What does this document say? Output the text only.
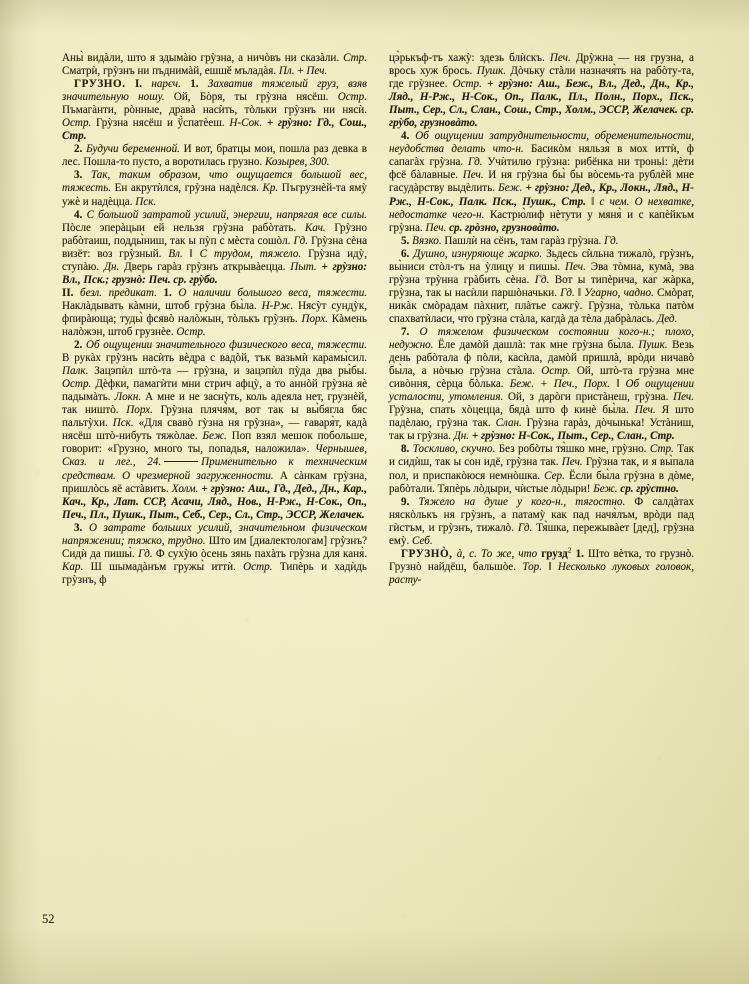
Аны̀ видàли, што я здымàю грỳзна, а ничòвъ ни сказàли. Стр. Сматрѝ, грỳзнъ ни пъднимàй, ешшӗ мъладàя. Пл. + Печ.

ГРУЗНО. I. нарєч. 1. Захватив тяжелый груз, взяв значительную ношу. Ой, Бòря, ты грỳзна нясёш. Остр. Пъмагàнти, рòнные, дравà насѝть, тòльки грỳзнъ ни нясѝ. Остр. Грỳзна нясёш и ў̀спатèеш. Н-Сок. + грỳзно: Гд., Сош., Стр.

2. Будучи беременной. И вот, братцы мои, пошла раз девка в лес. Пошла-то пусто, а воротилась грузно. Козырев, 300.

3. Так, таким образом, что ощущается большой вес, тяжесть. Ен акрутѝлся, грỳзна надèлся. Кр. Пъгрузнèй-та ямỳ ужѐ и надèцца. Пск.

4. С большой затратой усилий, энергии, напрягая все силы. Пòсле эперàцыи ей нельзя грỳзна рабòтать. Кач. Грỳзно рабòтаиш, подды̀ниш, так ы пỳп с мèста сошòл. Гд. Грỳзна сèна визёт: воз грỳзный. Вл. ‖ С трудом, тяжело. Грỳзна идỳ, ступàю. Дн. Дверь гарàз грỳзнъ аткрывàецца. Пыт. + грỳзно: Вл., Пск.; грузнò: Печ. ср. грỳбо.

II. безл. предикат. 1. О наличии большого веса, тяжести. Наклàдывать кàмни, штоб грỳзна бы̀ла. Н-Рж. Нясỳт сундỳк, фпирàюща; туды̀ фсявò налòжын, тòлькъ грỳзнъ. Порх. Кàмень налòжэн, штоб грузнèе. Остр.

2. Об ощущении значительного физического веса, тяжести. В рукàх грỳзнъ насѝть вѐдра с вадòй, тък вазьмѝ карамы̀сил. Палк. Зацэпѝл штò-та — грỳзна, и зацэпѝл пỳда два ры̀бы. Остр. Дèфки, памагѝти мни стрич афцỳ, а то аннòй грỳзна яѐ падымàть. Локн. А мне и не заснỳть, коль адеяла нет, грузнèй, так ништò. Порх. Грỳзна плячя̀м, вот так ы вы̀бягла бяс пальтỳхи. Пск. «Для свавò гỳзна ня грỳзна», — гаваря̀т, кадà нясёш штò-нибуть тяжòлае. Беж. Поп взял мешок побольше, говорит: «Грузно, много ты, попадья, наложила». Чернышев, Сказ. и лег., 24.	Применительно к техническим средствам. О чрезмерной загруженности. А сàнкам грỳзна, пришлòсь яё астàвить. Холм. + грỳзно: Аш., Гд., Дед., Дн., Кар., Кач., Кр., Лат. ССР, Асачи, Ляд., Нов., Н-Рж., Н-Сок., Оп., Печ., Пл., Пушк., Пыт., Себ., Сер., Сл., Стр., ЭССР, Желачек.

3. О затрате больших усилий, значительном физическом напряжении; тяжко, трудно. Што им [диалектологам] грỳзнъ? Сидѝ да пишы̀. Гд. Ф сухỳю òсень зянь пахàть грỳзна для каня̀. Кар. Ш шымадàнъм гружы̀ иттѝ. Остр. Типèрь и хадѝдь грỳзнъ, ф

цэ̀рькъф-тъ хажỳ: здезь блѝскъ. Печ. Дрỳжна — ня грузна, а врось хуж брось. Пушк. Дòчьку стàли назначя̀ть на рабòту-та, где грỳзнее. Остр. + грỳзно: Аш., Беж., Вл., Дед., Дн., Кр., Ляд., Н-Рж., Н-Сок., Оп., Палк., Пл., Полн., Порх., Пск., Пыт., Сер., Сл., Слан., Сош., Стр., Холм., ЭССР, Желачек. ср. грỳбо, грузновàто.

4. Об ощущении затруднительности, обременительности, неудобства делать что-н. Басикòм няльзя̀ в мох иттѝ, ф сапагàх грỳзна. Гд. Учѝтилю грỳзна: рибёнка ни троньі: дèти фсё бàлавные. Печ. И ня грỳзна бы̀ бы вòсемь-та рублèй мне гасудàрству выдèлить. Беж. + грỳзно: Дед., Кр., Локн., Ляд., Н-Рж., Н-Сок., Палк. Пск., Пушк., Стр. ‖ с чем. О нехватке, недостатке чего-н. Кастрю̀лиф нèтути у мяня̀ и с капèйкъм грỳзна. Печ. ср. грòзно, грузновàто.

5. Вязко. Пашлѝ на сёнъ, там гарàз грỳзна. Гд.

6. Душно, изнуряюще жарко. Зьдесь сѝльна тижалò, грỳзнъ, вы̀ниси стòл-тъ на ỳлицу и пишы̀. Печ. Эва тòмна, кумà, эва грỳзна трỳнна грàбить сèна. Гд. Вот ы типèрича, каг жàрка, грỳзна, так ы насѝли паршòначьки. Гд. ‖ Угарно, чадно. Смòрат, никàк смòрадам пàхнит, плàтье сажгỳ. Грỳзна, тòлька патòм спахватѝласи, что грỳзна стàла, кагдà да тèла дабрàлась. Дед.

7. О тяжелом физическом состоянии кого-н.; плохо, недужно. Ёле дамòй дашлà: так мне грỳзна бы̀ла. Пушк. Везь день рабòтала ф пòли, касѝла, дамòй пришлà, врòди ничавò бы̀ла, а нòчью грỳзна стàла. Остр. Ой, штò-та грỳзна мне сивòння, сèрца бòлька. Беж. + Печ., Порх. ‖ Об ощущении усталости, утомления. Ой, з дарòги пристàнеш, грỳзна. Печ. Грỳзна, спать хòцецца, бядà што ф кинè бы̀ла. Печ. Я што падèлаю, грỳзна так. Слан. Грỳзна гарàз, дòчынька! Устàниш, так ы грỳзна. Дн. + грỳзно: Н-Сок., Пыт., Сер., Слан., Стр.

8. Тоскливо, скучно. Без робòты тя̀шко мне, грỳзно. Стр. Так и сидѝш, так ы сон идё, грỳзна так. Печ. Грỳзна так, и я вы̀пала пол, и приспакòюся немнòшка. Сер. Ёсли бы̀ла грỳзна в дòме, рабòтали. Тяпèрь лòдыри, чѝстые лòдыри! Беж. ср. грỳстно.

9. Тяжело на душе у кого-н., тягостно. Ф салдàтах няскòлькъ ня грỳзнъ, а патамỳ как пад начя̀лъм, врòди пад гѝстъм, и грỳзнъ, тижалò. Гд. Тя̀шка, пережывàет [дед], грỳзна емỳ. Себ.

ГРУЗНÒ, à, с. То же, что грузд$^2$ 1. Што вèтка, то грузнò. Грузнò найдёш, бальшòе. Тор. ‖ Несколько луковых головок, расту-

52
